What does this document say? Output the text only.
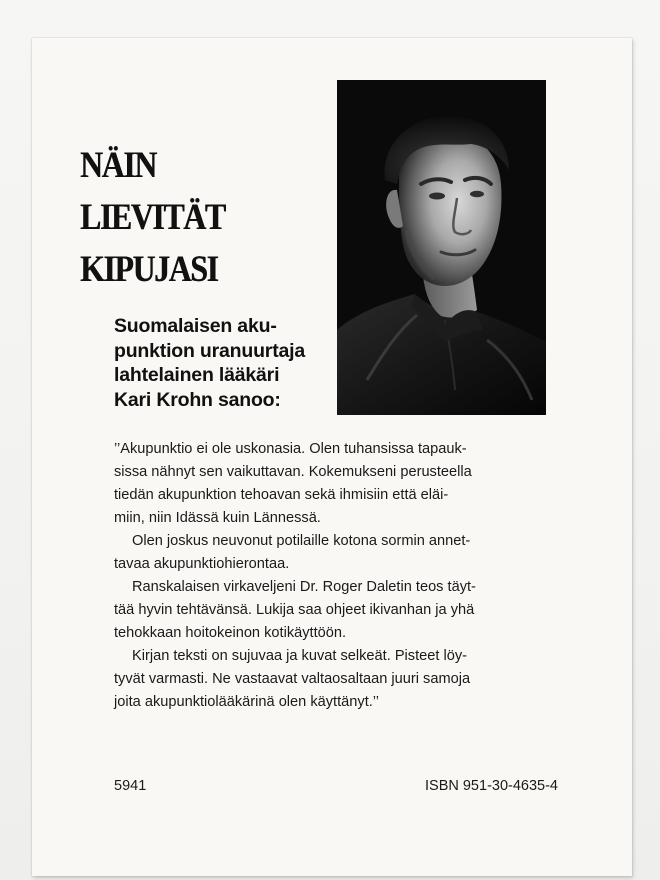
NÄIN
LIEVITÄT
KIPUJASI
Suomalaisen aku-
punktion uranuurtaja
lahtelainen lääkäri
Kari Krohn sanoo:

’’Akupunktio ei ole uskonasia. Olen tuhansissa tapauk-
sissa nähnyt sen vaikuttavan. Kokemukseni perusteella
tiedän akupunktion tehoavan sekä ihmisiin että eläi-
miin, niin Idässä kuin Lännessä.

Olen joskus neuvonut potilaille kotona sormin annet-
tavaa akupunktiohierontaa.

Ranskalaisen virkaveljeni Dr. Roger Daletin teos täyt-
tää hyvin tehtävänsä. Lukija saa ohjeet ikivanhan ja yhä
tehokkaan hoitokeinon kotikäyttöön.

Kirjan teksti on sujuvaa ja kuvat selkeät. Pisteet löy-
tyvät varmasti. Ne vastaavat valtaosaltaan juuri samoja
joita akupunktiolääkärinä olen käyttänyt.’’

5941	ISBN 951-30-4635-4
